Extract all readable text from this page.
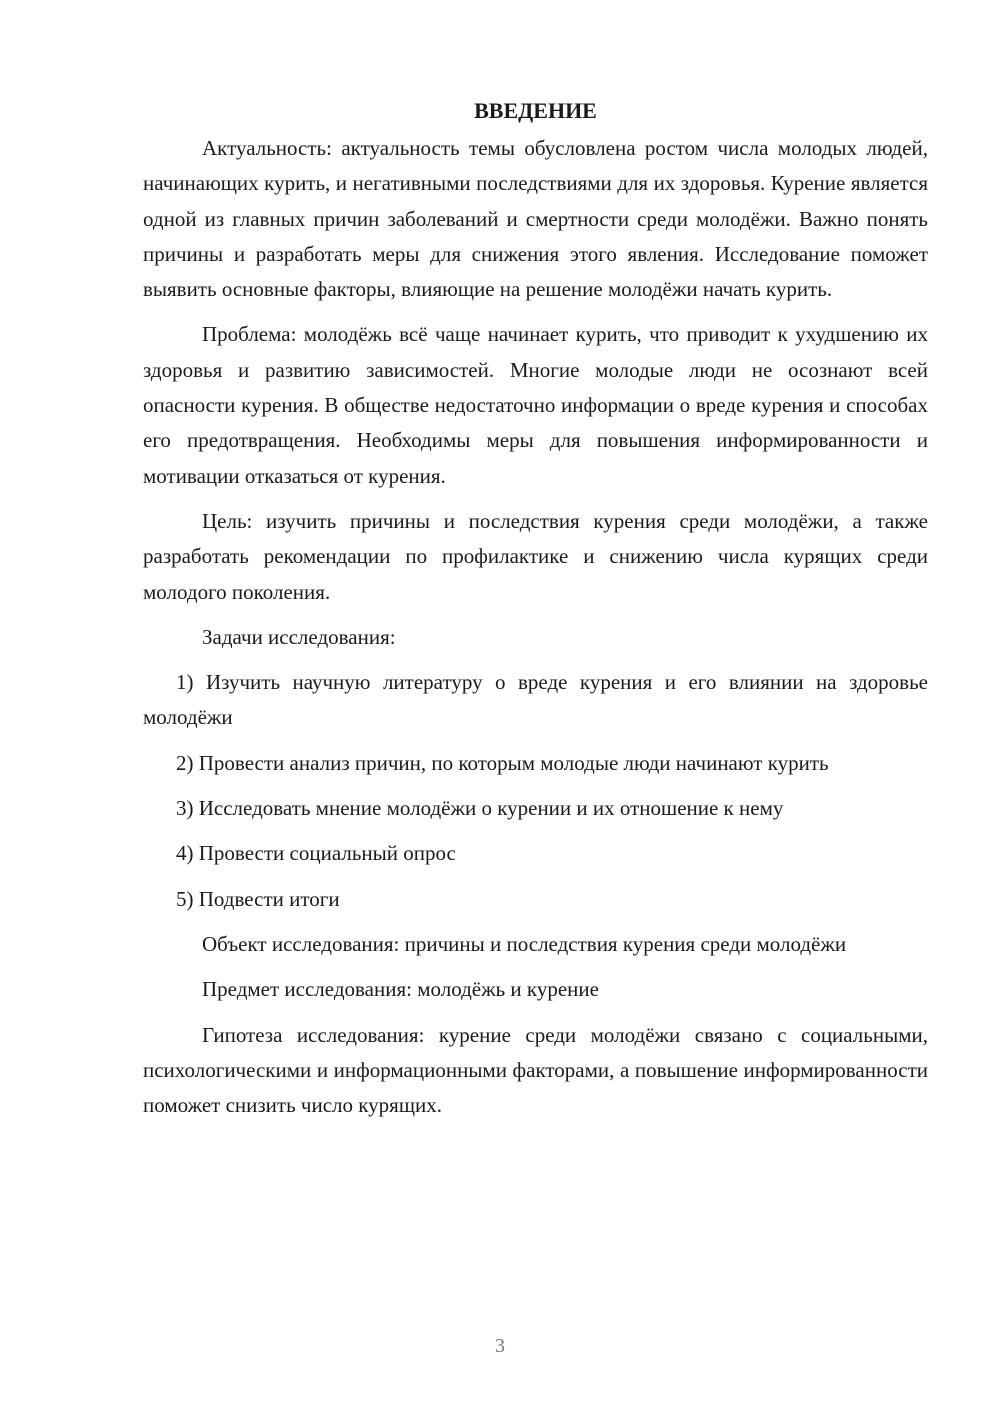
ВВЕДЕНИЕ

Актуальность: актуальность темы обусловлена ростом числа молодых людей, начинающих курить, и негативными последствиями для их здоровья. Курение является одной из главных причин заболеваний и смертности среди молодёжи. Важно понять причины и разработать меры для снижения этого явления. Исследование поможет выявить основные факторы, влияющие на решение молодёжи начать курить.

Проблема: молодёжь всё чаще начинает курить, что приводит к ухудшению их здоровья и развитию зависимостей. Многие молодые люди не осознают всей опасности курения. В обществе недостаточно информации о вреде курения и способах его предотвращения. Необходимы меры для повышения информированности и мотивации отказаться от курения.

Цель: изучить причины и последствия курения среди молодёжи, а также разработать рекомендации по профилактике и снижению числа курящих среди молодого поколения.

Задачи исследования:

1) Изучить научную литературу о вреде курения и его влиянии на здоровье молодёжи

2) Провести анализ причин, по которым молодые люди начинают курить

3) Исследовать мнение молодёжи о курении и их отношение к нему

4) Провести социальный опрос

5) Подвести итоги

Объект исследования: причины и последствия курения среди молодёжи

Предмет исследования: молодёжь и курение

Гипотеза исследования: курение среди молодёжи связано с социальными, психологическими и информационными факторами, а повышение информированности поможет снизить число курящих.

3
